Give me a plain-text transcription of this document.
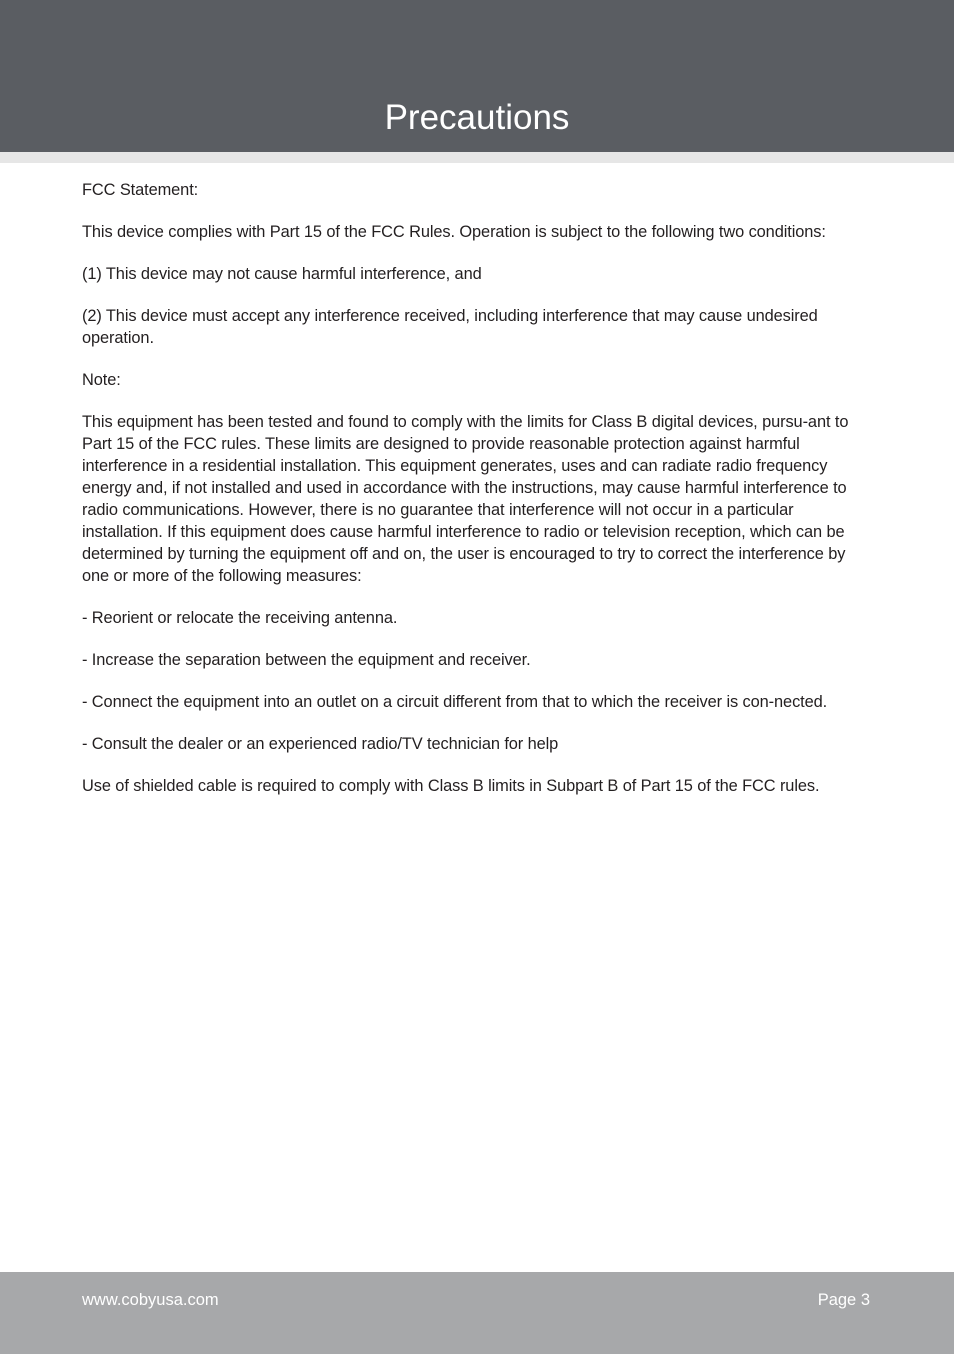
Precautions

FCC Statement:

This device complies with Part 15 of the FCC Rules. Operation is subject to the following two conditions:

(1) This device may not cause harmful interference, and

(2) This device must accept any interference received, including interference that may cause undesired operation.

Note:

This equipment has been tested and found to comply with the limits for Class B digital devices, pursu-ant to Part 15 of the FCC rules. These limits are designed to provide reasonable protection against harmful interference in a residential installation. This equipment generates, uses and can radiate radio frequency energy and, if not installed and used in accordance with the instructions, may cause harmful interference to radio communications. However, there is no guarantee that interference will not occur in a particular installation. If this equipment does cause harmful interference to radio or television reception, which can be determined by turning the equipment off and on, the user is encouraged to try to correct the interference by one or more of the following measures:

- Reorient or relocate the receiving antenna.

- Increase the separation between the equipment and receiver.

- Connect the equipment into an outlet on a circuit different from that to which the receiver is con-nected.

- Consult the dealer or an experienced radio/TV technician for help

Use of shielded cable is required to comply with Class B limits in Subpart B of Part 15 of the FCC rules.

www.cobyusa.com	Page 3
